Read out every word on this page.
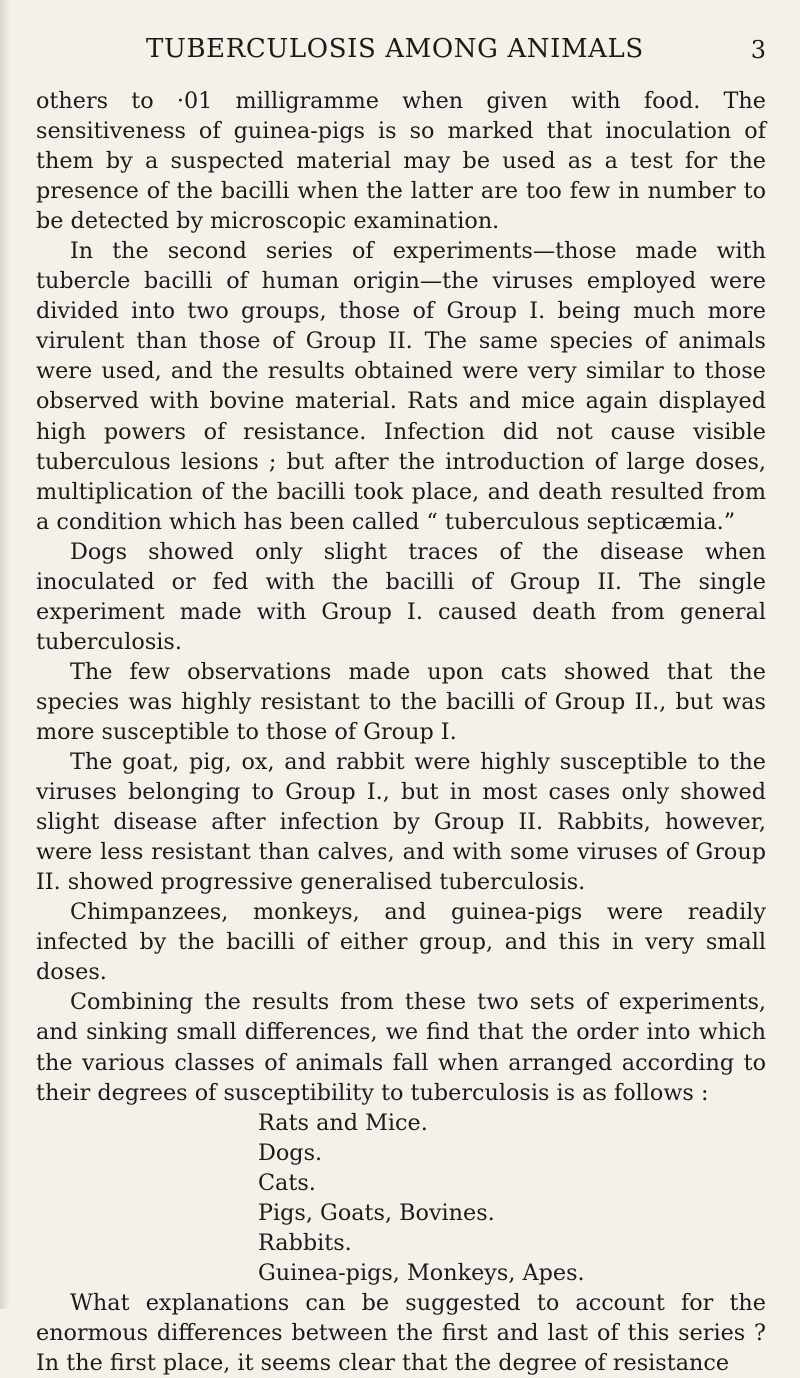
TUBERCULOSIS AMONG ANIMALS	3

others to ·01 milligramme when given with food. The sensitiveness of guinea-pigs is so marked that inoculation of them by a suspected material may be used as a test for the presence of the bacilli when the latter are too few in number to be detected by microscopic examination.

In the second series of experiments—those made with tubercle bacilli of human origin—the viruses employed were divided into two groups, those of Group I. being much more virulent than those of Group II. The same species of animals were used, and the results obtained were very similar to those observed with bovine material. Rats and mice again displayed high powers of resistance. Infection did not cause visible tuberculous lesions ; but after the introduction of large doses, multiplication of the bacilli took place, and death resulted from a condition which has been called “ tuberculous septicæmia.”

Dogs showed only slight traces of the disease when inoculated or fed with the bacilli of Group II. The single experiment made with Group I. caused death from general tuberculosis.

The few observations made upon cats showed that the species was highly resistant to the bacilli of Group II., but was more susceptible to those of Group I.

The goat, pig, ox, and rabbit were highly susceptible to the viruses belonging to Group I., but in most cases only showed slight disease after infection by Group II. Rabbits, however, were less resistant than calves, and with some viruses of Group II. showed progressive generalised tuberculosis.

Chimpanzees, monkeys, and guinea-pigs were readily infected by the bacilli of either group, and this in very small doses.

Combining the results from these two sets of experiments, and sinking small differences, we find that the order into which the various classes of animals fall when arranged according to their degrees of susceptibility to tuberculosis is as follows :

Rats and Mice.
Dogs.
Cats.
Pigs, Goats, Bovines.
Rabbits.
Guinea-pigs, Monkeys, Apes.

What explanations can be suggested to account for the enormous differences between the first and last of this series ? In the first place, it seems clear that the degree of resistance
